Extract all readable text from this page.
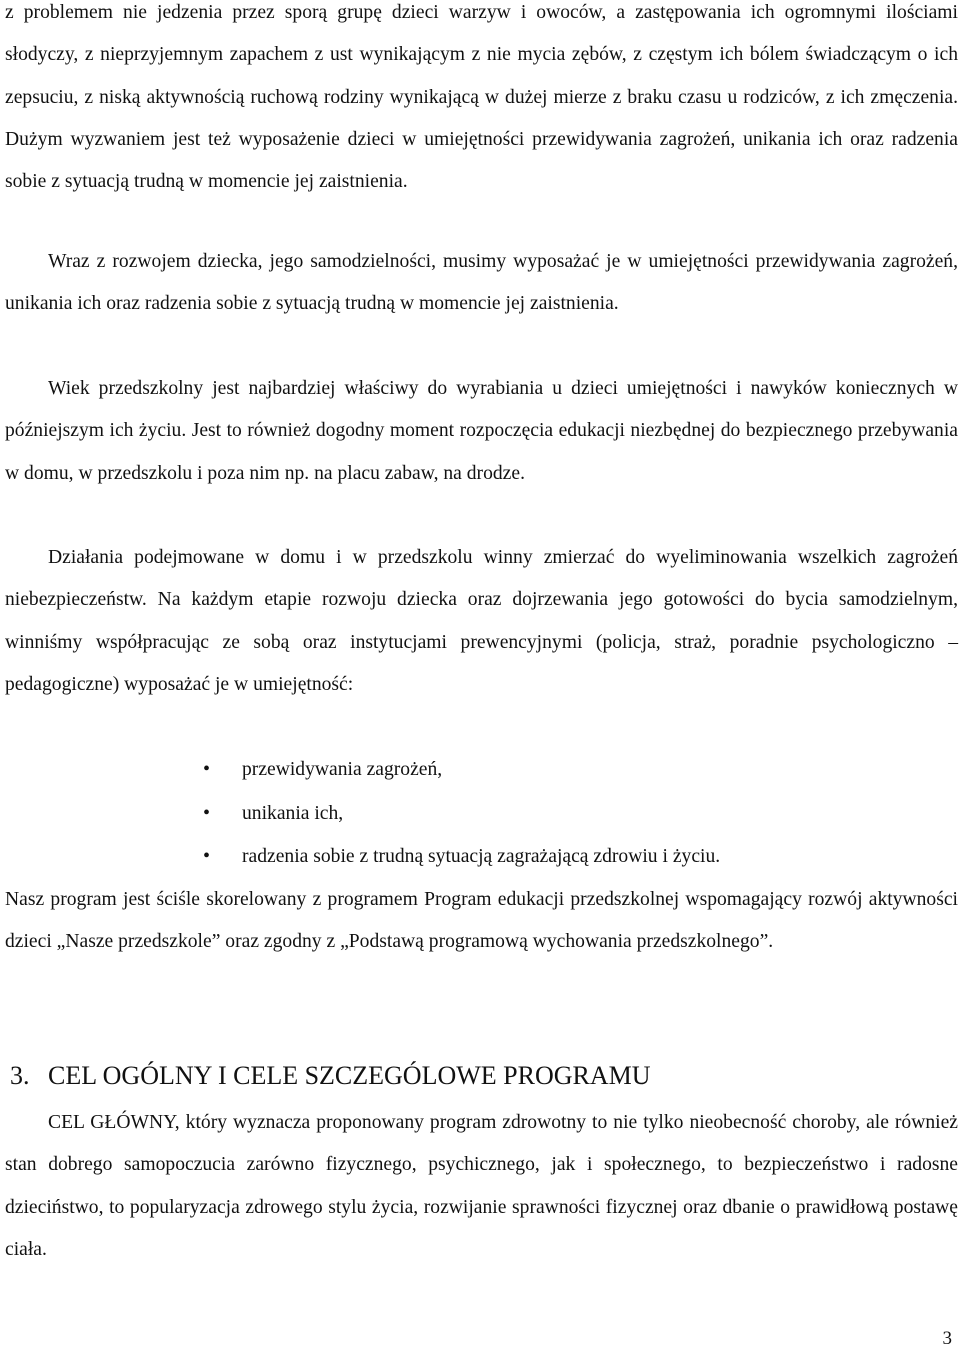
z problemem nie jedzenia przez sporą grupę dzieci warzyw i owoców, a zastępowania ich ogromnymi ilościami słodyczy, z nieprzyjemnym zapachem z ust wynikającym z nie mycia zębów, z częstym ich bólem świadczącym o ich zepsuciu, z niską aktywnością ruchową rodziny wynikającą w dużej mierze z braku czasu u rodziców, z ich zmęczenia. Dużym wyzwaniem jest też wyposażenie dzieci w umiejętności przewidywania zagrożeń, unikania ich oraz radzenia sobie z sytuacją trudną w momencie jej zaistnienia.

Wraz z rozwojem dziecka, jego samodzielności, musimy wyposażać je w umiejętności przewidywania zagrożeń, unikania ich oraz radzenia sobie z sytuacją trudną w momencie jej zaistnienia.

Wiek przedszkolny jest najbardziej właściwy do wyrabiania u dzieci umiejętności i nawyków koniecznych w późniejszym ich życiu. Jest to również dogodny moment rozpoczęcia edukacji niezbędnej do bezpiecznego przebywania w domu, w przedszkolu i poza nim np. na placu zabaw, na drodze.

Działania podejmowane w domu i w przedszkolu winny zmierzać do wyeliminowania wszelkich zagrożeń niebezpieczeństw. Na każdym etapie rozwoju dziecka oraz dojrzewania jego gotowości do bycia samodzielnym, winniśmy współpracując ze sobą oraz instytucjami prewencyjnymi (policja, straż, poradnie psychologiczno – pedagogiczne) wyposażać je w umiejętność:

• przewidywania zagrożeń,
• unikania ich,
• radzenia sobie z trudną sytuacją zagrażającą zdrowiu i życiu.

Nasz program jest ściśle skorelowany z programem Program edukacji przedszkolnej wspomagający rozwój aktywności dzieci „Nasze przedszkole” oraz zgodny z „Podstawą programową wychowania przedszkolnego”.

3. CEL OGÓLNY I CELE SZCZEGÓLOWE PROGRAMU

CEL GŁÓWNY, który wyznacza proponowany program zdrowotny to nie tylko nieobecność choroby, ale również stan dobrego samopoczucia zarówno fizycznego, psychicznego, jak i społecznego, to bezpieczeństwo i radosne dzieciństwo, to popularyzacja zdrowego stylu życia, rozwijanie sprawności fizycznej oraz dbanie o prawidłową postawę ciała.

3
